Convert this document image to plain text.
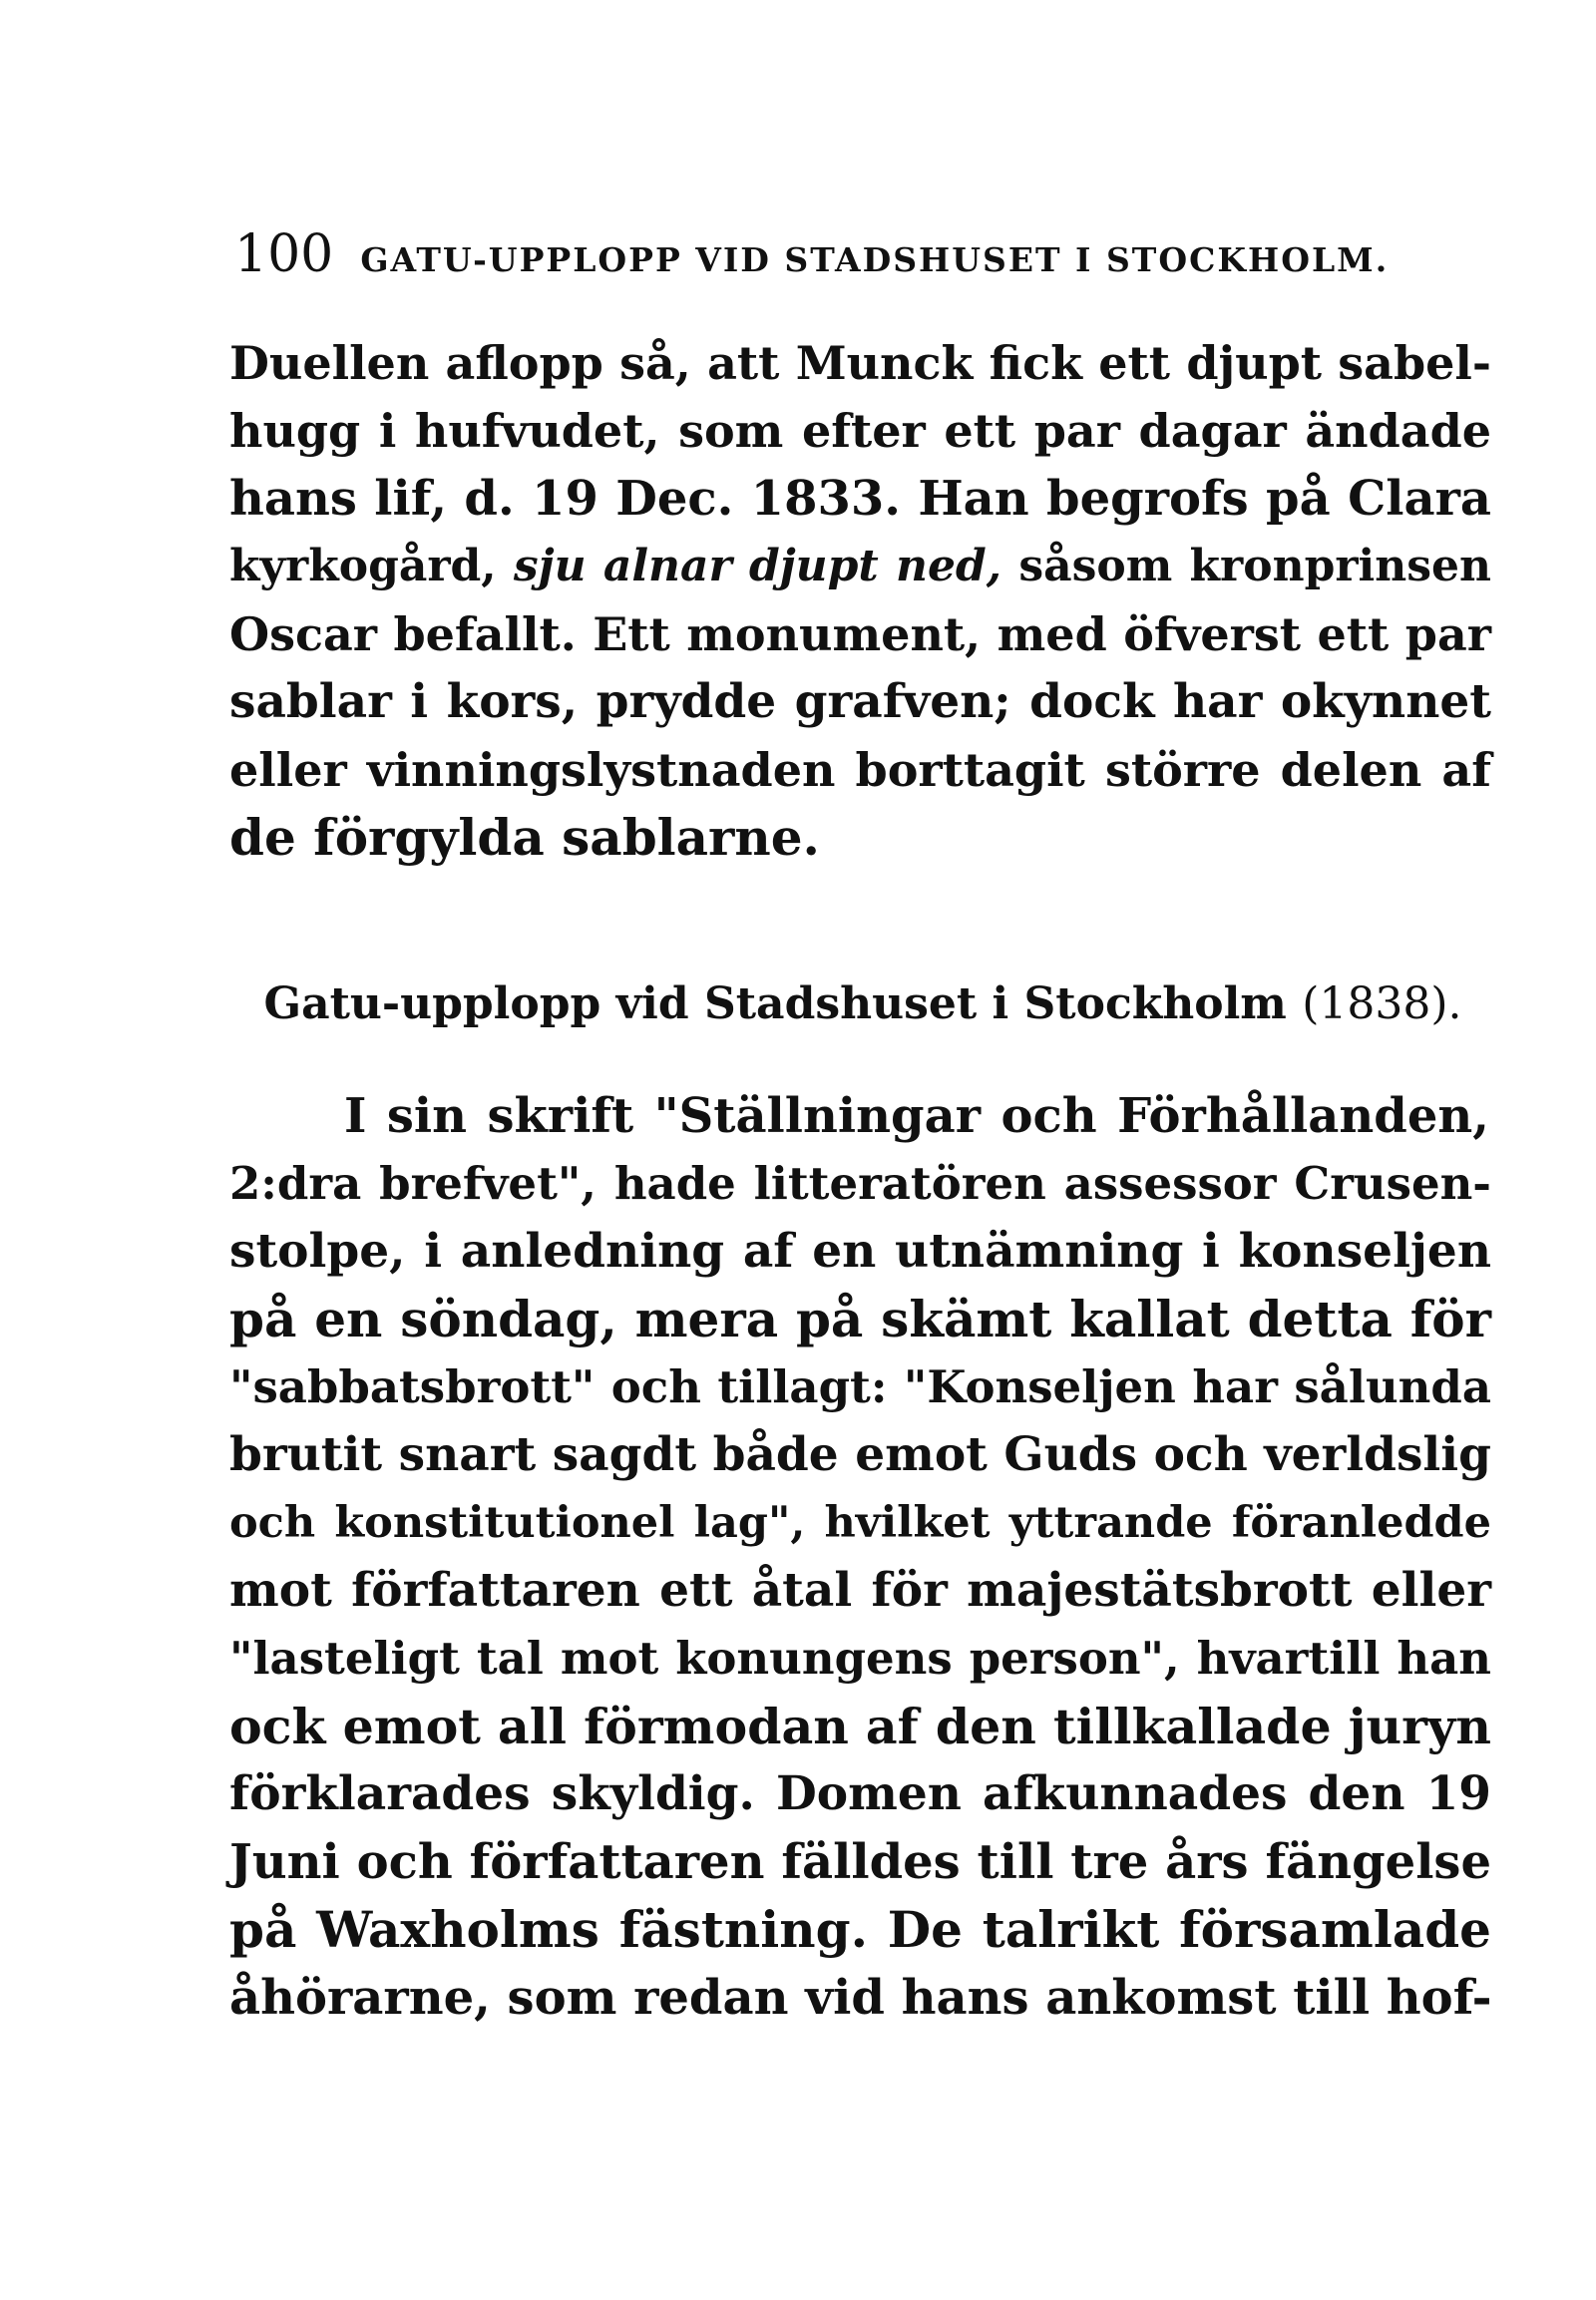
100 GATU-UPPLOPP VID STADSHUSET I STOCKHOLM.
Duellen aflopp så, att Munck fick ett djupt sabel-
hugg i hufvudet, som efter ett par dagar ändade
hans lif, d. 19 Dec. 1833. Han begrofs på Clara
kyrkogård, sju alnar djupt ned, såsom kronprinsen
Oscar befallt. Ett monument, med öfverst ett par
sablar i kors, prydde grafven; dock har okynnet
eller vinningslystnaden borttagit större delen af
de förgylda sablarne.
Gatu-upplopp vid Stadshuset i Stockholm (1838).
I sin skrift "Ställningar och Förhållanden,
2:dra brefvet", hade litteratören assessor Crusen-
stolpe, i anledning af en utnämning i konseljen
på en söndag, mera på skämt kallat detta för
"sabbatsbrott" och tillagt: "Konseljen har sålunda
brutit snart sagdt både emot Guds och verldslig
och konstitutionel lag", hvilket yttrande föranledde
mot författaren ett åtal för majestätsbrott eller
"lasteligt tal mot konungens person", hvartill han
ock emot all förmodan af den tillkallade juryn
förklarades skyldig. Domen afkunnades den 19
Juni och författaren fälldes till tre års fängelse
på Waxholms fästning. De talrikt församlade
åhörarne, som redan vid hans ankomst till hof-
